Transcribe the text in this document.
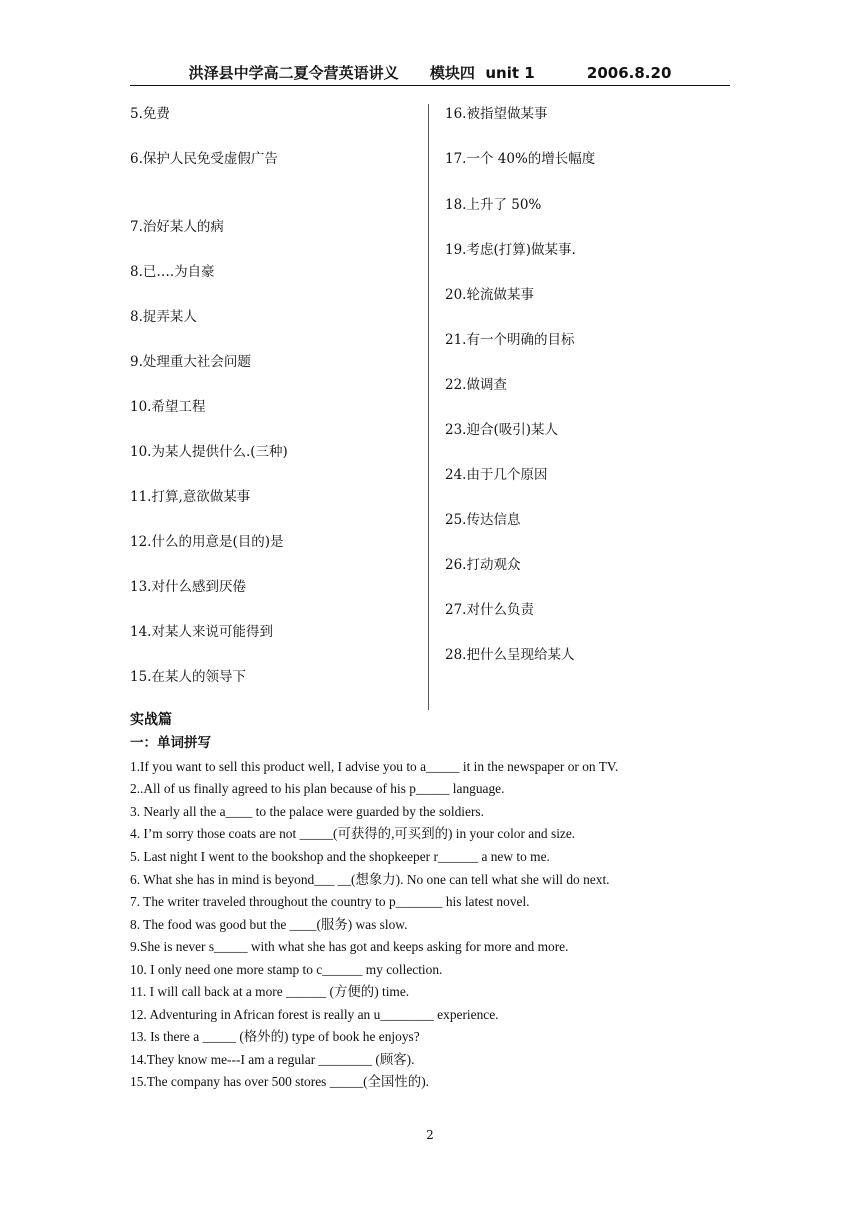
洪泽县中学高二夏令营英语讲义      模块四  unit 1          2006.8.20
5.免费
6.保护人民免受虚假广告
7.治好某人的病
8.已….为自豪
8.捉弄某人
9.处理重大社会问题
10.希望工程
10.为某人提供什么.(三种)
11.打算,意欲做某事
12.什么的用意是(目的)是
13.对什么感到厌倦
14.对某人来说可能得到
15.在某人的领导下
16.被指望做某事
17.一个 40%的增长幅度
18.上升了 50%
19.考虑(打算)做某事.
20.轮流做某事
21.有一个明确的目标
22.做调查
23.迎合(吸引)某人
24.由于几个原因
25.传达信息
26.打动观众
27.对什么负责
28.把什么呈现给某人
实战篇
一：单词拼写
1.If you want to sell this product well, I advise you to a_____ it in the newspaper or on TV.
2..All of us finally agreed to his plan because of his p_____ language.
3. Nearly all the a____ to the palace were guarded by the soldiers.
4. I’m sorry those coats are not _____(可获得的,可买到的) in your color and size.
5. Last night I went to the bookshop and the shopkeeper r______ a new to me.
6. What she has in mind is beyond___ __(想象力). No one can tell what she will do next.
7. The writer traveled throughout the country to p_______ his latest novel.
8. The food was good but the ____(服务) was slow.
9.She is never s_____ with what she has got and keeps asking for more and more.
10. I only need one more stamp to c______ my collection.
11. I will call back at a more ______ (方便的) time.
12. Adventuring in African forest is really an u________ experience.
13. Is there a _____ (格外的) type of book he enjoys?
14.They know me---I am a regular ________ (顾客).
15.The company has over 500 stores _____(全国性的).
2
